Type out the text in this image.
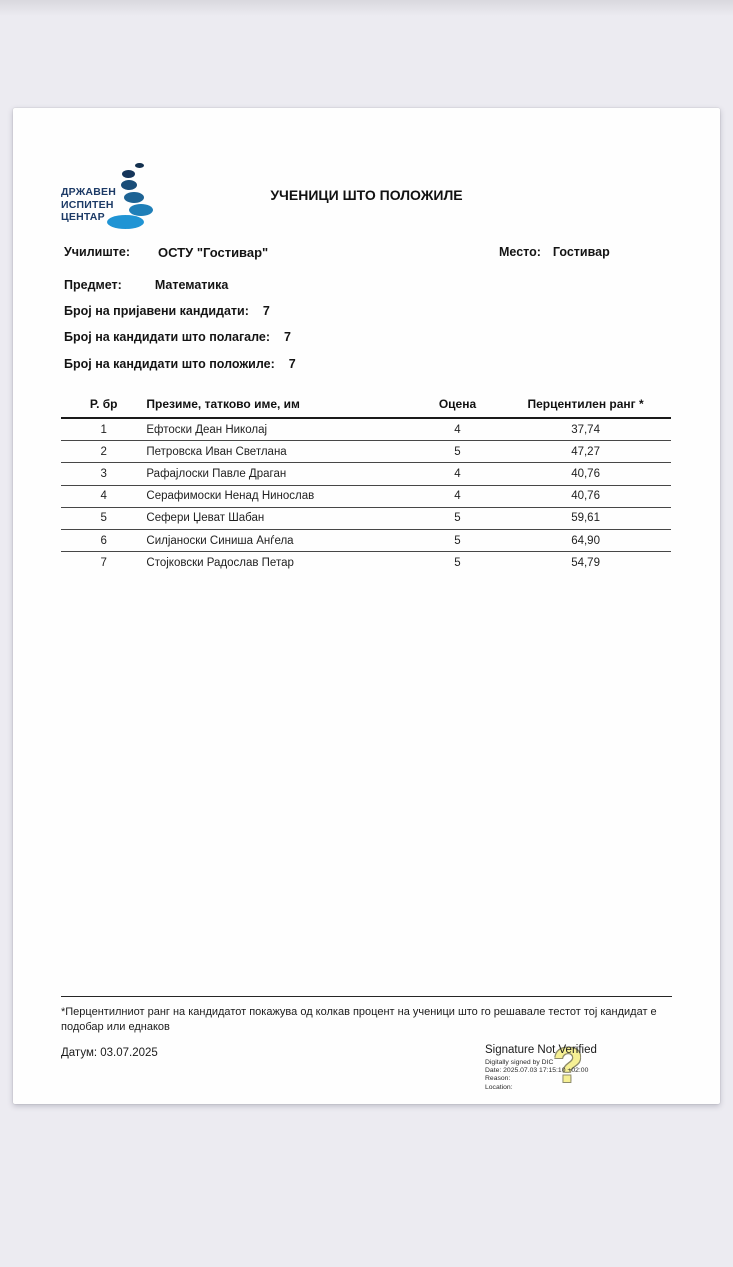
ДРЖАВЕН
ИСПИТЕН
ЦЕНТАР
УЧЕНИЦИ ШТО ПОЛОЖИЛЕ
Училиште: ОСТУ "Гостивар"	Место: Гостивар
Предмет:	Математика
Број на пријавени кандидати: 7
Број на кандидати што полагале: 7
Број на кандидати што положиле: 7
Р. бр	Презиме, татково име, им	Оцена	Перцентилен ранг *
1	Ефтоски Деан Николај	4	37,74
2	Петровска Иван Светлана	5	47,27
3	Рафајлоски Павле Драган	4	40,76
4	Серафимоски Ненад Нинослав	4	40,76
5	Сефери Џеват Шабан	5	59,61
6	Силјаноски Синиша Анѓела	5	64,90
7	Стојковски Радослав Петар	5	54,79
*Перцентилниот ранг на кандидатот покажува од колкав процент на ученици што го решавале тестот тој кандидат е подобар или еднаков
Датум: 03.07.2025	?
Signature Not Verified
Digitally signed by DIC
Date: 2025.07.03 17:15:10 +02:00
Reason:
Location:
